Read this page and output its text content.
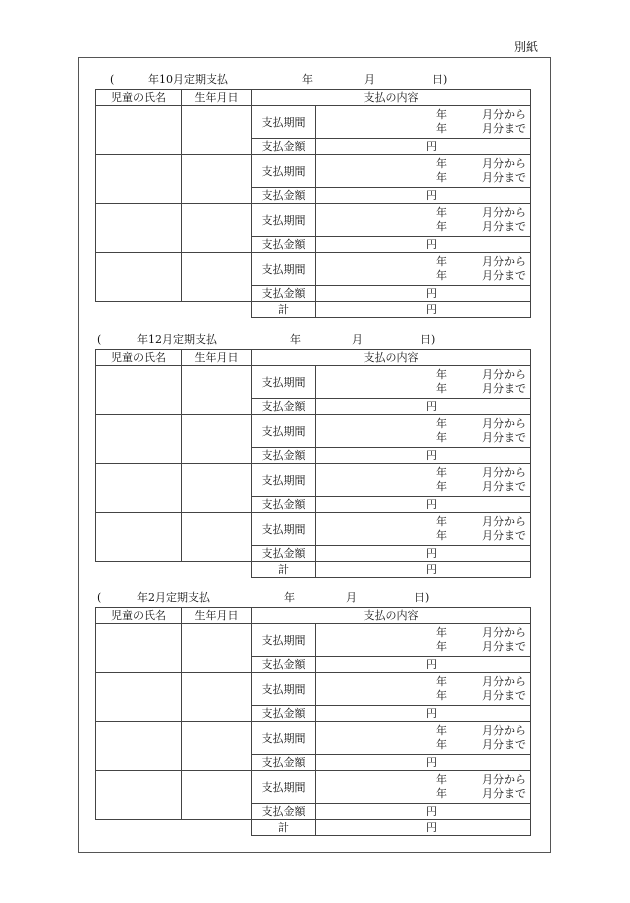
別紙
(	年10月定期支払	年	月	日)
児童の氏名	生年月日	支払の内容	
		支払期間	年 月分から
年 月分まで

		支払金額	円
		支払期間	年 月分から
年 月分まで

		支払金額	円
		支払期間	年 月分から
年 月分まで

		支払金額	円
		支払期間	年 月分から
年 月分まで

		支払金額	円
		計	円
(	年12月定期支払	年	月	日)
児童の氏名	生年月日	支払の内容	
		支払期間	年 月分から
年 月分まで

		支払金額	円
		支払期間	年 月分から
年 月分まで

		支払金額	円
		支払期間	年 月分から
年 月分まで

		支払金額	円
		支払期間	年 月分から
年 月分まで

		支払金額	円
		計	円
(	年2月定期支払	年	月	日)
児童の氏名	生年月日	支払の内容	
		支払期間	年 月分から
年 月分まで

		支払金額	円
		支払期間	年 月分から
年 月分まで

		支払金額	円
		支払期間	年 月分から
年 月分まで

		支払金額	円
		支払期間	年 月分から
年 月分まで

		支払金額	円
		計	円
